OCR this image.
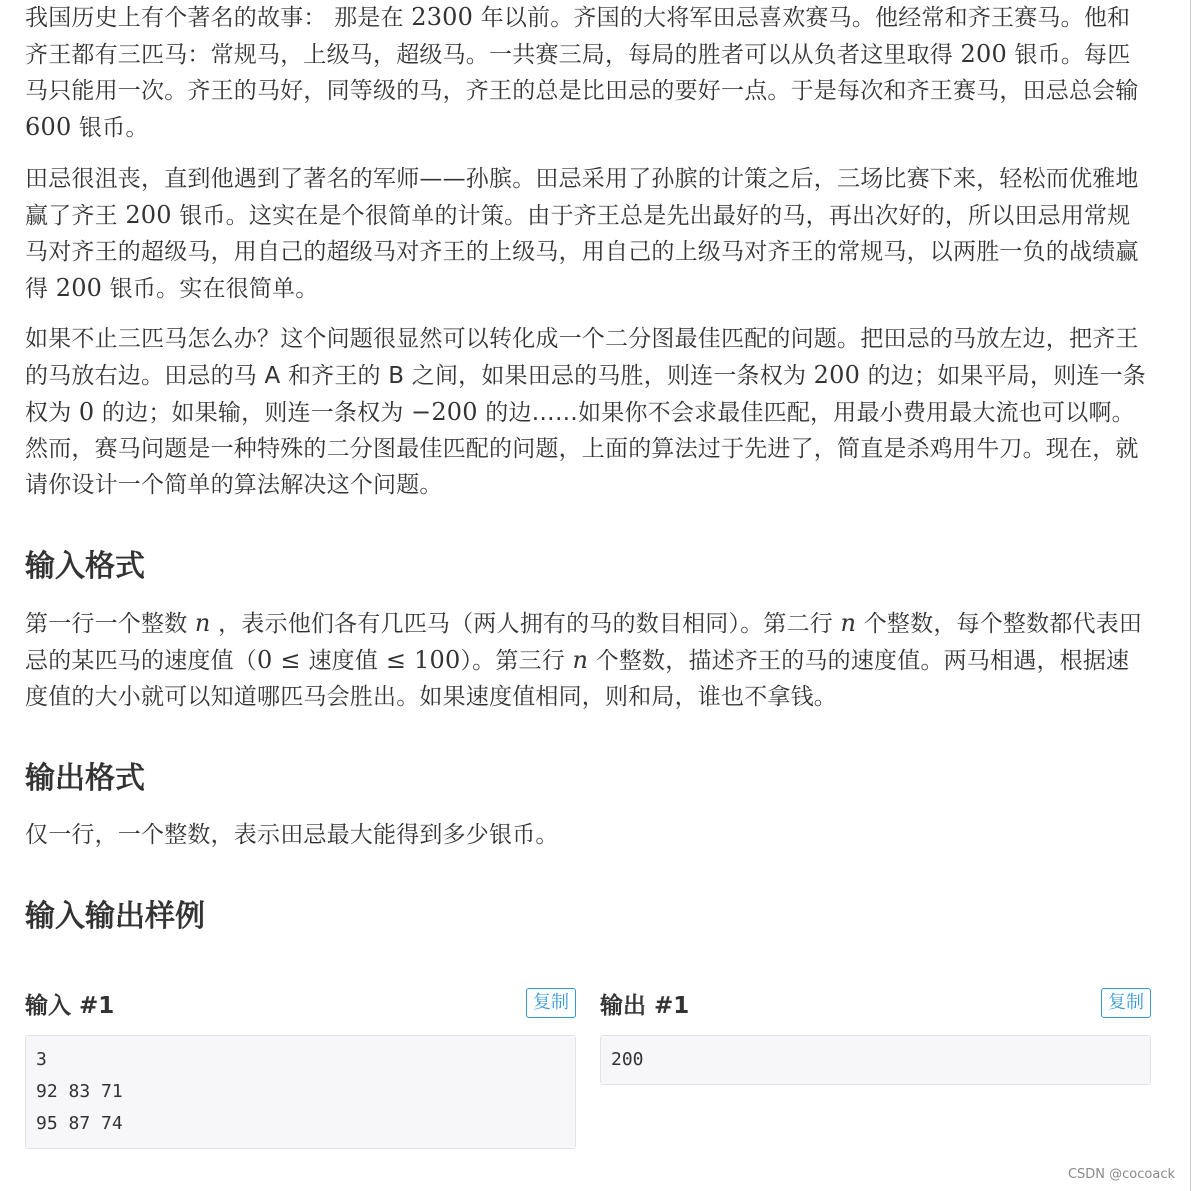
我国历史上有个著名的故事： 那是在 2300 年以前。齐国的大将军田忌喜欢赛马。他经常和齐王赛马。他和齐王都有三匹马：常规马，上级马，超级马。一共赛三局，每局的胜者可以从负者这里取得 200 银币。每匹马只能用一次。齐王的马好，同等级的马，齐王的总是比田忌的要好一点。于是每次和齐王赛马，田忌总会输 600 银币。

田忌很沮丧，直到他遇到了著名的军师——孙膑。田忌采用了孙膑的计策之后，三场比赛下来，轻松而优雅地赢了齐王 200 银币。这实在是个很简单的计策。由于齐王总是先出最好的马，再出次好的，所以田忌用常规马对齐王的超级马，用自己的超级马对齐王的上级马，用自己的上级马对齐王的常规马，以两胜一负的战绩赢得 200 银币。实在很简单。

如果不止三匹马怎么办？这个问题很显然可以转化成一个二分图最佳匹配的问题。把田忌的马放左边，把齐王的马放右边。田忌的马 A 和齐王的 B 之间，如果田忌的马胜，则连一条权为 200 的边；如果平局，则连一条权为 0 的边；如果输，则连一条权为 −200 的边……如果你不会求最佳匹配，用最小费用最大流也可以啊。 然而，赛马问题是一种特殊的二分图最佳匹配的问题，上面的算法过于先进了，简直是杀鸡用牛刀。现在，就请你设计一个简单的算法解决这个问题。

输入格式

第一行一个整数 n ，表示他们各有几匹马（两人拥有的马的数目相同）。第二行 n 个整数，每个整数都代表田忌的某匹马的速度值（0 ≤ 速度值 ≤ 100）。第三行 n 个整数，描述齐王的马的速度值。两马相遇，根据速度值的大小就可以知道哪匹马会胜出。如果速度值相同，则和局，谁也不拿钱。

输出格式

仅一行，一个整数，表示田忌最大能得到多少银币。

输入输出样例
输入 #1	复制
3
92 83 71
95 87 74
输出 #1	复制
200
CSDN @cocoack
